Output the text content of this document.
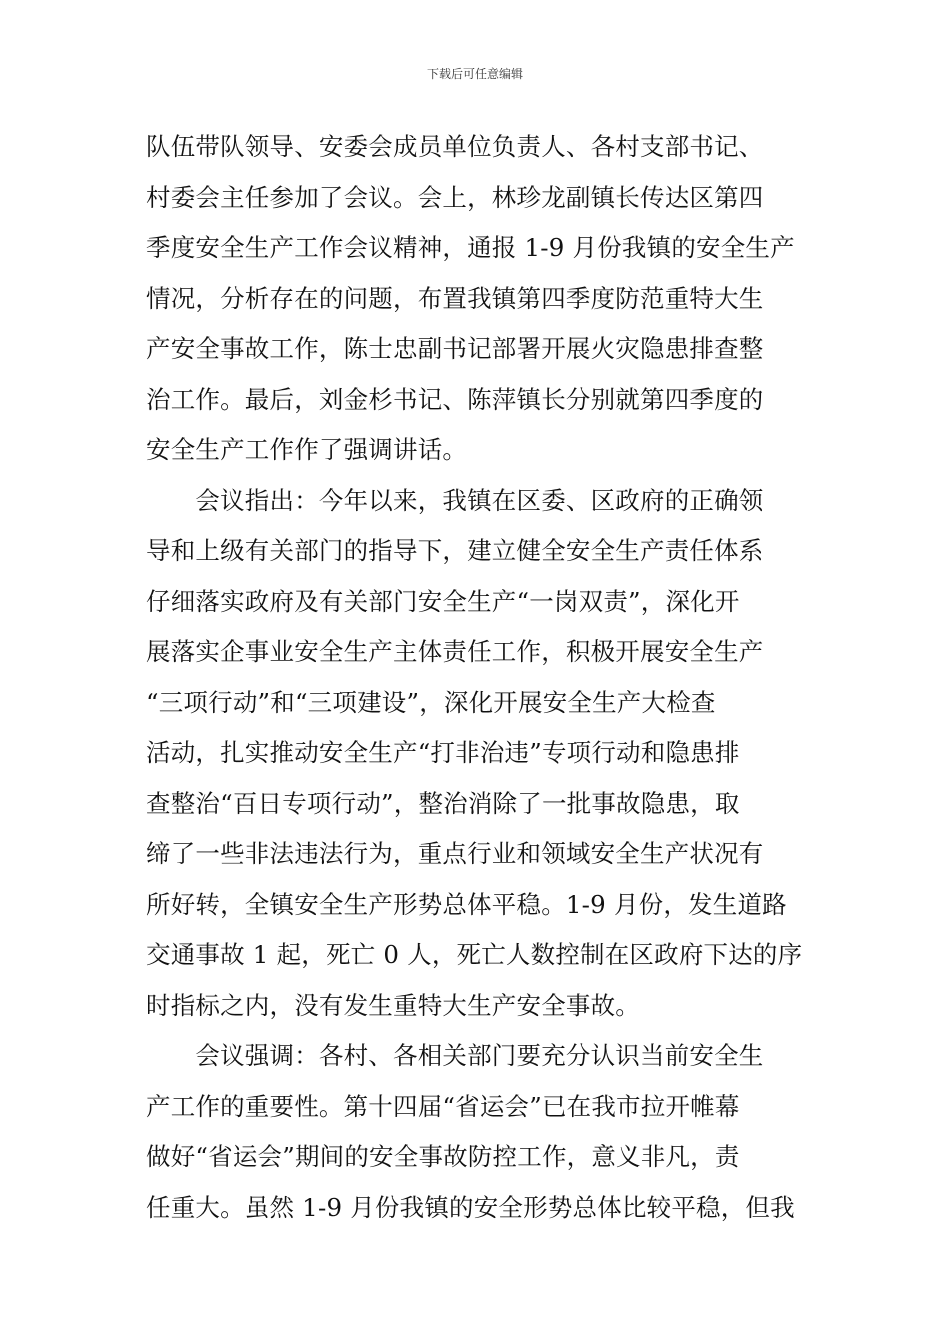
下载后可任意编辑
队伍带队领导、安委会成员单位负责人、各村支部书记、
村委会主任参加了会议。会上，林珍龙副镇长传达区第四
季度安全生产工作会议精神，通报 1-9 月份我镇的安全生产
情况，分析存在的问题，布置我镇第四季度防范重特大生
产安全事故工作，陈士忠副书记部署开展火灾隐患排查整
治工作。最后，刘金杉书记、陈萍镇长分别就第四季度的
安全生产工作作了强调讲话。
　　会议指出：今年以来，我镇在区委、区政府的正确领
导和上级有关部门的指导下，建立健全安全生产责任体系
仔细落实政府及有关部门安全生产“一岗双责”，深化开
展落实企事业安全生产主体责任工作，积极开展安全生产
“三项行动”和“三项建设”，深化开展安全生产大检查
活动，扎实推动安全生产“打非治违”专项行动和隐患排
查整治“百日专项行动”，整治消除了一批事故隐患，取
缔了一些非法违法行为，重点行业和领域安全生产状况有
所好转，全镇安全生产形势总体平稳。1-9 月份，发生道路
交通事故 1 起，死亡 0 人，死亡人数控制在区政府下达的序
时指标之内，没有发生重特大生产安全事故。
　　会议强调：各村、各相关部门要充分认识当前安全生
产工作的重要性。第十四届“省运会”已在我市拉开帷幕
做好“省运会”期间的安全事故防控工作，意义非凡，责
任重大。虽然 1-9 月份我镇的安全形势总体比较平稳，但我
